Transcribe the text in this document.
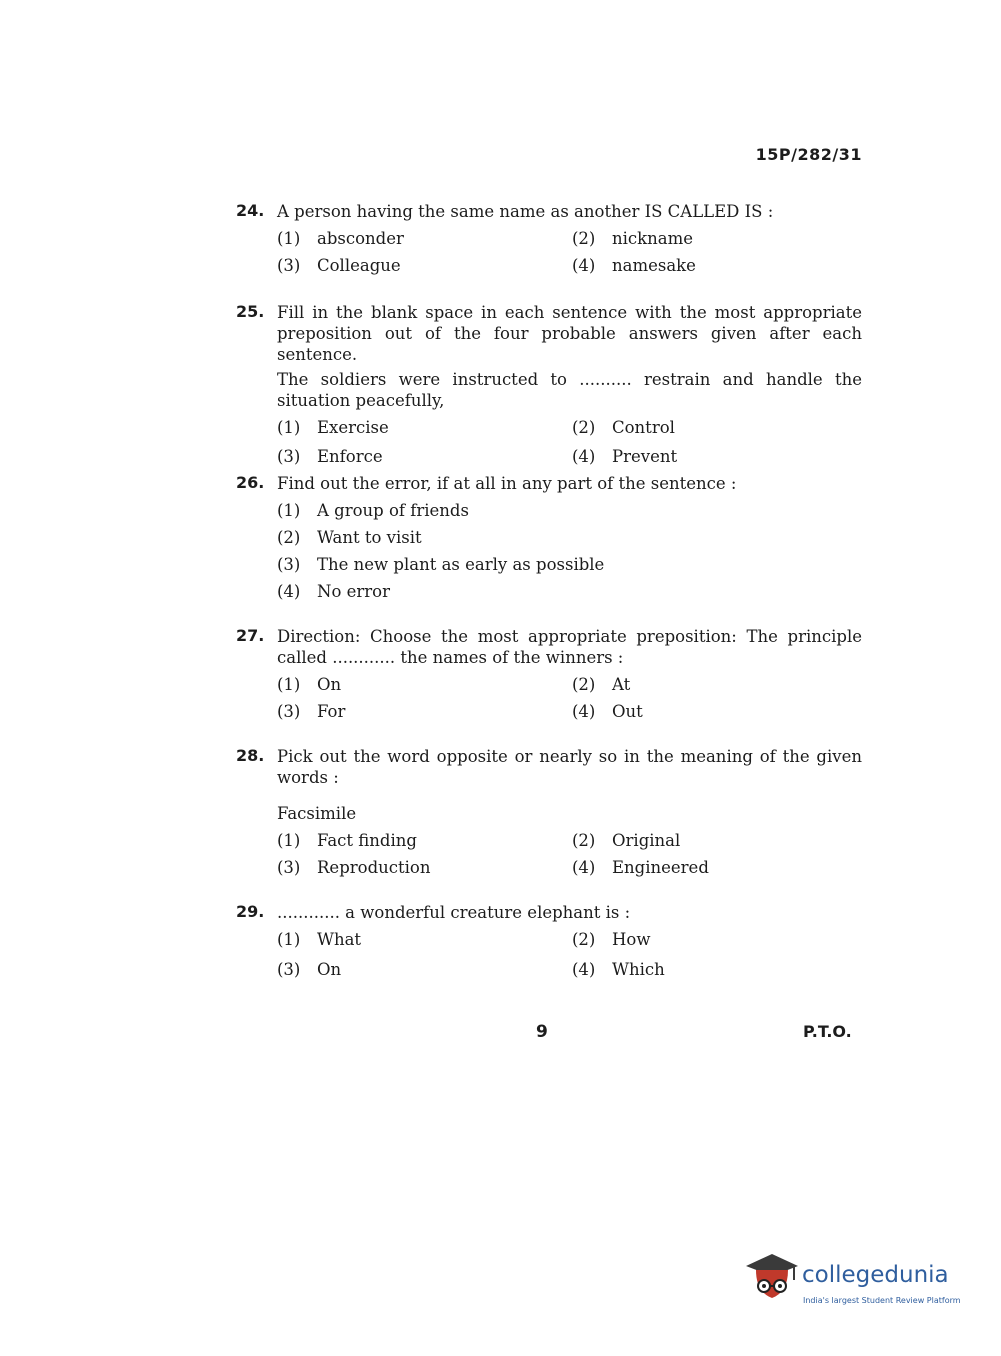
15P/282/31
24. A person having the same name as another IS CALLED IS :
(1)	absconder	(2)	nickname
(3)	Colleague	(4)	namesake
25. Fill in the blank space in each sentence with the most appropriate preposition out of the four probable answers given after each sentence.
The soldiers were instructed to .......... restrain and handle the situation peacefully,
(1)	Exercise	(2)	Control
(3)	Enforce	(4)	Prevent
26. Find out the error, if at all in any part of the sentence :
(1)	A group of friends
(2)	Want to visit
(3)	The new plant as early as possible
(4)	No error
27. Direction: Choose the most appropriate preposition: The principle called ............ the names of the winners :
(1)	On	(2)	At
(3)	For	(4)	Out
28. Pick out the word opposite or nearly so in the meaning of the given words :
Facsimile
(1)	Fact finding	(2)	Original
(3)	Reproduction	(4)	Engineered
29. ............ a wonderful creature elephant is :
(1)	What	(2)	How
(3)	On	(4)	Which
9	P.T.O.
collegedunia
India's largest Student Review Platform
